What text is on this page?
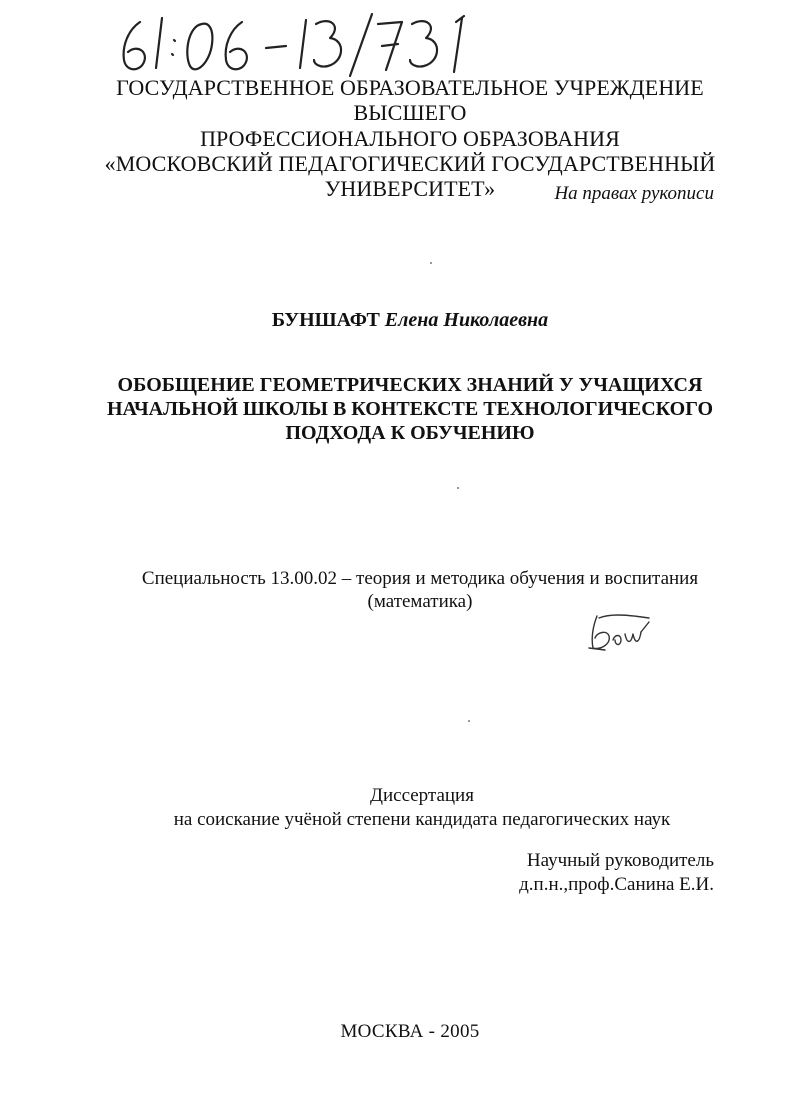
ГОСУДАРСТВЕННОЕ ОБРАЗОВАТЕЛЬНОЕ УЧРЕЖДЕНИЕ ВЫСШЕГО
ПРОФЕССИОНАЛЬНОГО ОБРАЗОВАНИЯ
«МОСКОВСКИЙ ПЕДАГОГИЧЕСКИЙ ГОСУДАРСТВЕННЫЙ
УНИВЕРСИТЕТ»	На правах рукописи
БУНШАФТ Елена Николаевна
ОБОБЩЕНИЕ ГЕОМЕТРИЧЕСКИХ ЗНАНИЙ У УЧАЩИХСЯ
НАЧАЛЬНОЙ ШКОЛЫ В КОНТЕКСТЕ ТЕХНОЛОГИЧЕСКОГО
ПОДХОДА К ОБУЧЕНИЮ
Специальность 13.00.02 – теория и методика обучения и воспитания
(математика)
Диссертация
на соискание учёной степени кандидата педагогических наук
Научный руководитель
д.п.н.,проф.Санина Е.И.
МОСКВА - 2005
